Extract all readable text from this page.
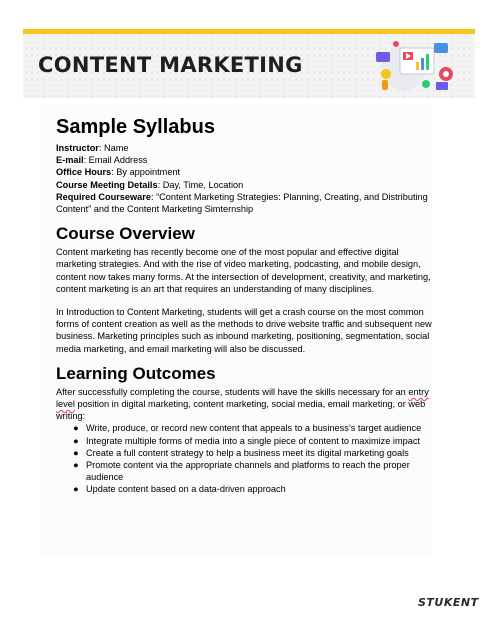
CONTENT MARKETING
Sample Syllabus
Instructor: Name
E-mail: Email Address
Office Hours: By appointment
Course Meeting Details: Day, Time, Location
Required Courseware: “Content Marketing Strategies: Planning, Creating, and Distributing Content” and the Content Marketing Simternship
Course Overview

Content marketing has recently become one of the most popular and effective digital marketing strategies. And with the rise of video marketing, podcasting, and mobile design, content now takes many forms. At the intersection of development, creativity, and marketing, content marketing is an art that requires an understanding of many disciplines.

In Introduction to Content Marketing, students will get a crash course on the most common forms of content creation as well as the methods to drive website traffic and subsequent new business. Marketing principles such as inbound marketing, positioning, segmentation, social media marketing, and email marketing will also be discussed.

Learning Outcomes

After successfully completing the course, students will have the skills necessary for an entry level position in digital marketing, content marketing, social media, email marketing, or web writing:

● Write, produce, or record new content that appeals to a business’s target audience
● Integrate multiple forms of media into a single piece of content to maximize impact
● Create a full content strategy to help a business meet its digital marketing goals
● Promote content via the appropriate channels and platforms to reach the proper audience
● Update content based on a data-driven approach
STUKENT
